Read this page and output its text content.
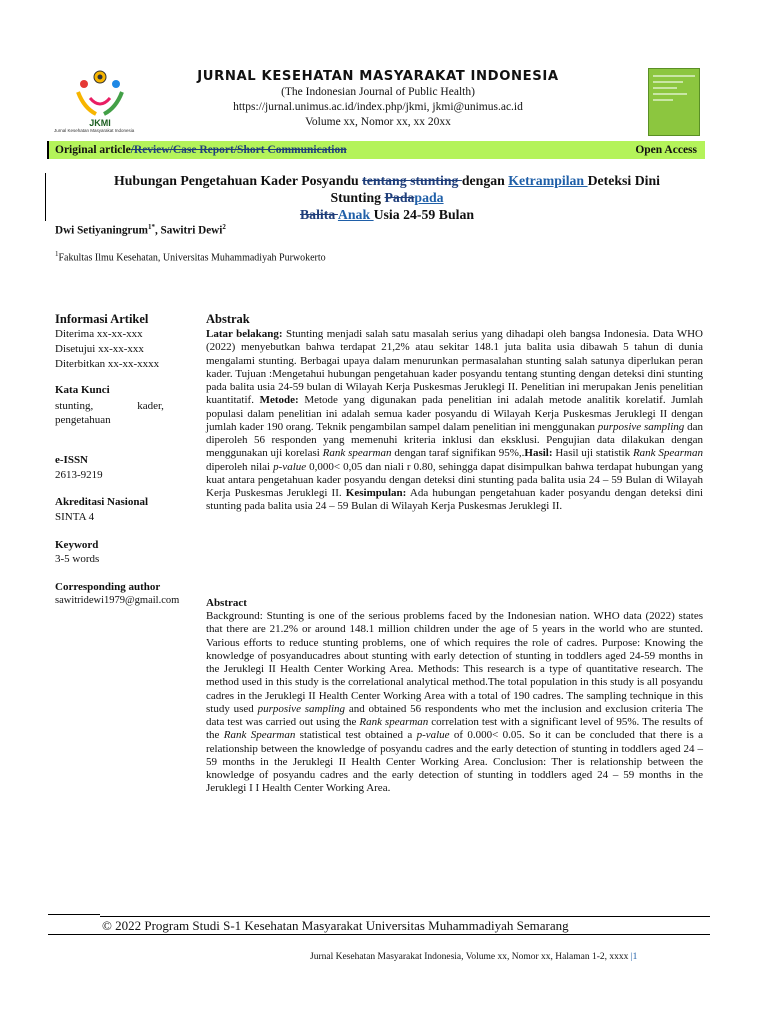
JKMI
Jurnal Kesehatan Masyarakat Indonesia
JURNAL KESEHATAN MASYARAKAT INDONESIA
(The Indonesian Journal of Public Health)
https://jurnal.unimus.ac.id/index.php/jkmi, jkmi@unimus.ac.id
Volume xx, Nomor xx, xx 20xx
Original article/Review/Case Report/Short Communication	Open Access
Hubungan Pengetahuan Kader Posyandu tentang stunting dengan Ketrampilan Deteksi Dini
Stunting Padapada
Balita Anak Usia 24-59 Bulan
Dwi Setiyaningrum$^{1*}$, Sawitri Dewi$^2$
$^1$Fakultas Ilmu Kesehatan, Universitas Muhammadiyah Purwokerto
Informasi Artikel
Diterima xx-xx-xxx
Disetujui xx-xx-xxx
Diterbitkan xx-xx-xxxx
Kata Kunci
stunting,                kader, pengetahuan
e-ISSN
2613-9219
Akreditasi Nasional
SINTA 4
Keyword
3-5 words
Corresponding author
sawitridewi1979@gmail.com
Abstrak
Latar belakang: Stunting menjadi salah satu masalah serius yang dihadapi oleh bangsa Indonesia. Data WHO (2022) menyebutkan bahwa terdapat 21,2% atau sekitar 148.1 juta balita usia dibawah 5 tahun di dunia mengalami stunting. Berbagai upaya dalam menurunkan permasalahan stunting salah satunya diperlukan peran kader. Tujuan :Mengetahui hubungan pengetahuan kader posyandu tentang stunting dengan deteksi dini stunting pada balita usia 24-59 bulan di Wilayah Kerja Puskesmas Jeruklegi II. Penelitian ini merupakan Jenis penelitian kuantitatif. Metode: Metode yang digunakan pada penelitian ini adalah metode analitik korelatif. Jumlah populasi dalam penelitian ini adalah semua kader posyandu di Wilayah Kerja Puskesmas Jeruklegi II dengan jumlah kader 190 orang. Teknik pengambilan sampel dalam penelitian ini menggunakan purposive sampling dan diperoleh 56 responden yang memenuhi kriteria inklusi dan eksklusi. Pengujian data dilakukan dengan menggunakan uji korelasi Rank spearman dengan taraf signifikan 95%,.Hasil: Hasil uji statistik Rank Spearman diperoleh nilai p-value 0,000< 0,05 dan niali r 0.80, sehingga dapat disimpulkan bahwa terdapat hubungan yang kuat antara pengetahuan kader posyandu dengan deteksi dini stunting pada balita usia 24 – 59 Bulan di Wilayah Kerja Puskesmas Jeruklegi II. Kesimpulan: Ada hubungan pengetahuan kader posyandu dengan deteksi dini stunting pada balita usia 24 – 59 Bulan di Wilayah Kerja Puskesmas Jeruklegi II.
Abstract
Background: Stunting is one of the serious problems faced by the Indonesian nation. WHO data (2022) states that there are 21.2% or around 148.1 million children under the age of 5 years in the world who are stunted. Various efforts to reduce stunting problems, one of which requires the role of cadres. Purpose: Knowing the knowledge of posyanducadres about stunting with early detection of stunting in toddlers aged 24-59 months in the Jeruklegi II Health Center Working Area. Methods: This research is a type of quantitative research. The method used in this study is the correlational analytical method.The total population in this study is all posyandu cadres in the Jeruklegi II Health Center Working Area with a total of 190 cadres. The sampling technique in this study used purposive sampling and obtained 56 respondents who met the inclusion and exclusion criteria The data test was carried out using the Rank spearman correlation test with a significant level of 95%. The results of the Rank Spearman statistical test obtained a p-value of 0.000< 0.05. So it can be concluded that there is a relationship between the knowledge of posyandu cadres and the early detection of stunting in toddlers aged 24 – 59 months in the Jeruklegi II Health Center Working Area. Conclusion: Ther is relationship between the knowledge of posyandu cadres and the early detection of stunting in toddlers aged 24 – 59 months in the Jeruklegi I I Health Center Working Area.
© 2022 Program Studi S-1 Kesehatan Masyarakat Universitas Muhammadiyah Semarang
Jurnal Kesehatan Masyarakat Indonesia, Volume xx, Nomor xx, Halaman 1-2, xxxx |1
